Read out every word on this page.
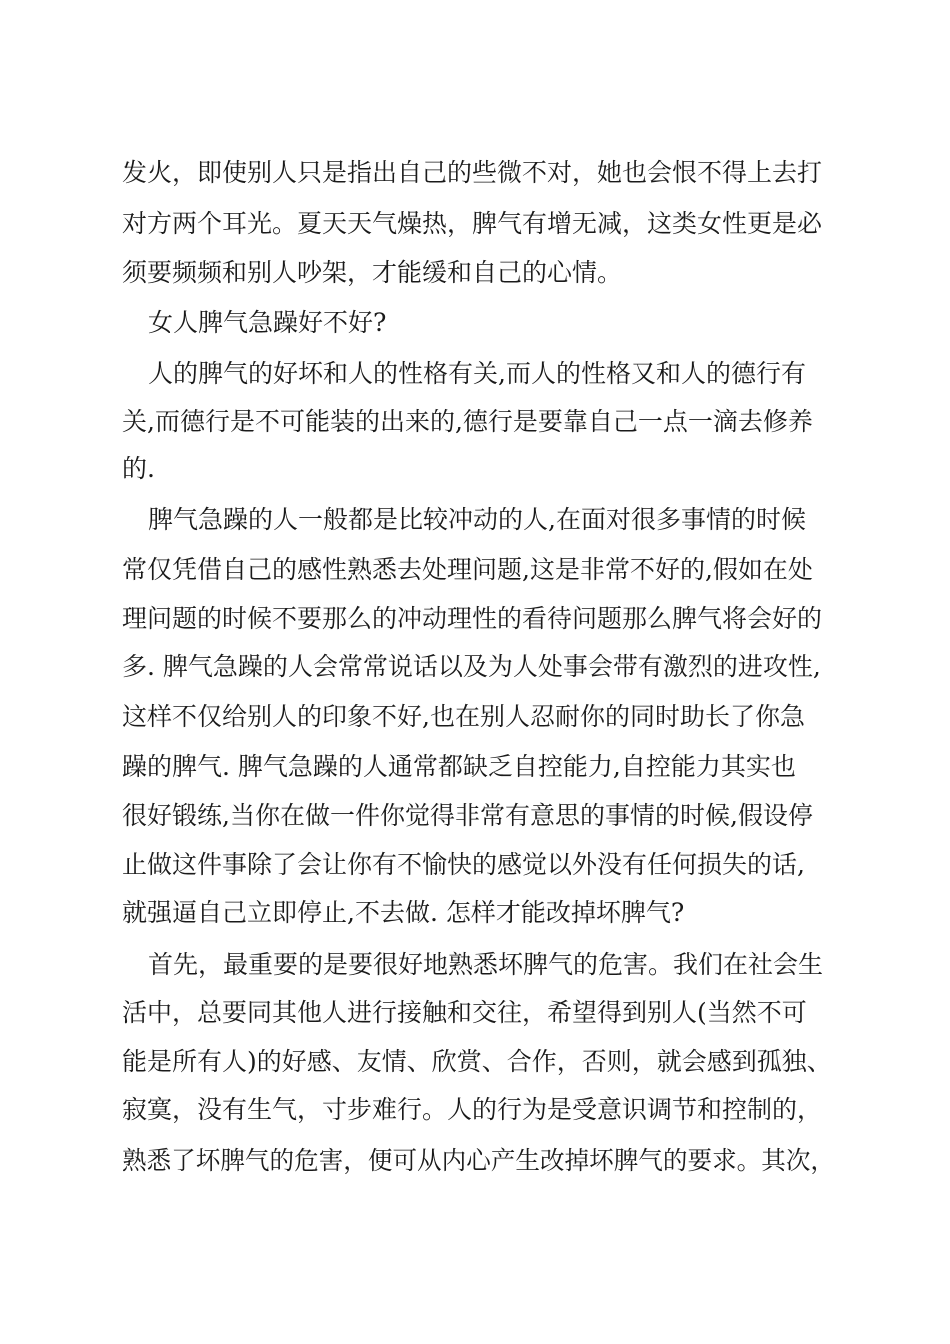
发火，即使别人只是指出自己的些微不对，她也会恨不得上去打
对方两个耳光。夏天天气燥热，脾气有增无减，这类女性更是必
须要频频和别人吵架，才能缓和自己的心情。
女人脾气急躁好不好?
人的脾气的好坏和人的性格有关,而人的性格又和人的德行有
关,而德行是不可能装的出来的,德行是要靠自己一点一滴去修养
的.
脾气急躁的人一般都是比较冲动的人,在面对很多事情的时候
常仅凭借自己的感性熟悉去处理问题,这是非常不好的,假如在处
理问题的时候不要那么的冲动理性的看待问题那么脾气将会好的
多. 脾气急躁的人会常常说话以及为人处事会带有激烈的进攻性,
这样不仅给别人的印象不好,也在别人忍耐你的同时助长了你急
躁的脾气. 脾气急躁的人通常都缺乏自控能力,自控能力其实也
很好锻练,当你在做一件你觉得非常有意思的事情的时候,假设停
止做这件事除了会让你有不愉快的感觉以外没有任何损失的话,
就强逼自己立即停止,不去做. 怎样才能改掉坏脾气?
首先，最重要的是要很好地熟悉坏脾气的危害。我们在社会生
活中，总要同其他人进行接触和交往，希望得到别人(当然不可
能是所有人)的好感、友情、欣赏、合作，否则，就会感到孤独、
寂寞，没有生气，寸步难行。人的行为是受意识调节和控制的，
熟悉了坏脾气的危害，便可从内心产生改掉坏脾气的要求。其次，
